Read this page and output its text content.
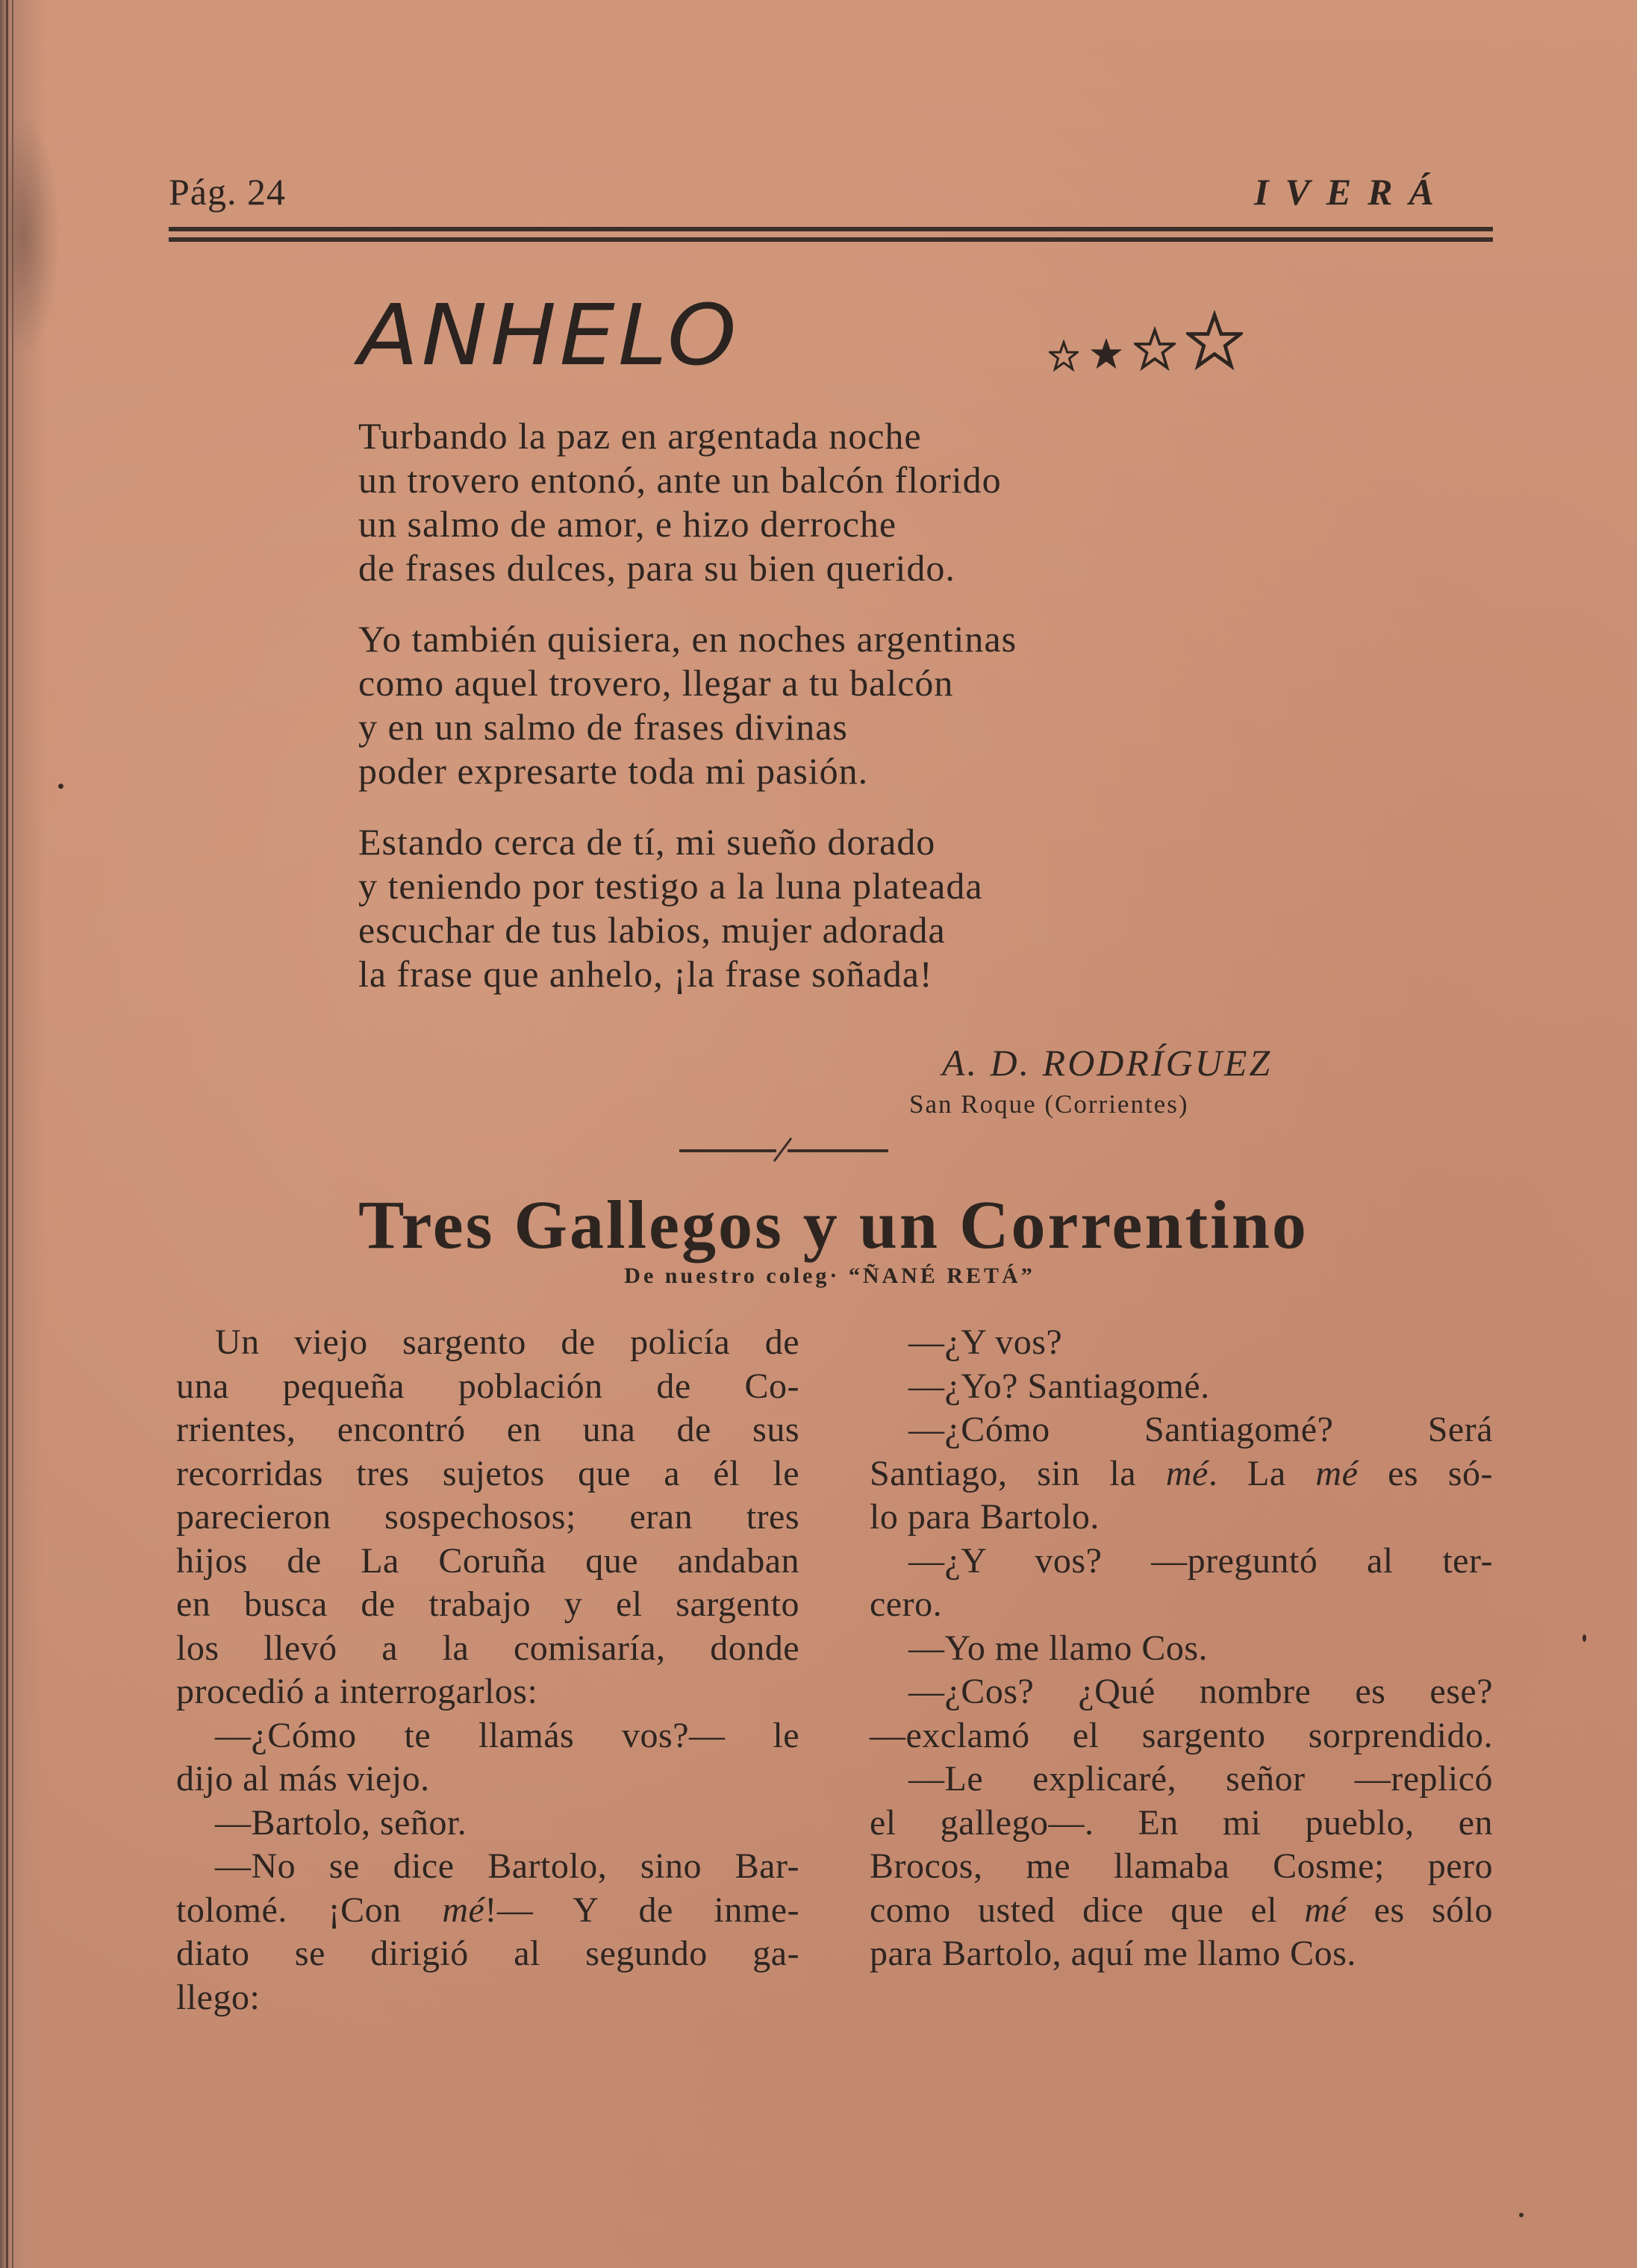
Pág. 24	IVERÁ
ANHELO
Turbando la paz en argentada noche
un trovero entonó, ante un balcón florido
un salmo de amor, e hizo derroche
de frases dulces, para su bien querido.
Yo también quisiera, en noches argentinas
como aquel trovero, llegar a tu balcón
y en un salmo de frases divinas
poder expresarte toda mi pasión.
Estando cerca de tí, mi sueño dorado
y teniendo por testigo a la luna plateada
escuchar de tus labios, mujer adorada
la frase que anhelo, ¡la frase soñada!
A. D. RODRÍGUEZ
San Roque (Corrientes)
Tres Gallegos y un Correntino
De nuestro coleg· “ÑANÉ RETÁ”
Un viejo sargento de policía de
una pequeña población de Co-
rrientes, encontró en una de sus
recorridas tres sujetos que a él le
parecieron sospechosos; eran tres
hijos de La Coruña que andaban
en busca de trabajo y el sargento
los llevó a la comisaría, donde
procedió a interrogarlos:
—¿Cómo te llamás vos?— le
dijo al más viejo.
—Bartolo, señor.
—No se dice Bartolo, sino Bar-
tolomé. ¡Con mé!— Y de inme-
diato se dirigió al segundo ga-
llego:
—¿Y vos?
—¿Yo? Santiagomé.
—¿Cómo Santiagomé? Será
Santiago, sin la mé. La mé es só-
lo para Bartolo.
—¿Y vos? —preguntó al ter-
cero.
—Yo me llamo Cos.
—¿Cos? ¿Qué nombre es ese?
—exclamó el sargento sorprendido.
—Le explicaré, señor —replicó
el gallego—. En mi pueblo, en
Brocos, me llamaba Cosme; pero
como usted dice que el mé es sólo
para Bartolo, aquí me llamo Cos.
